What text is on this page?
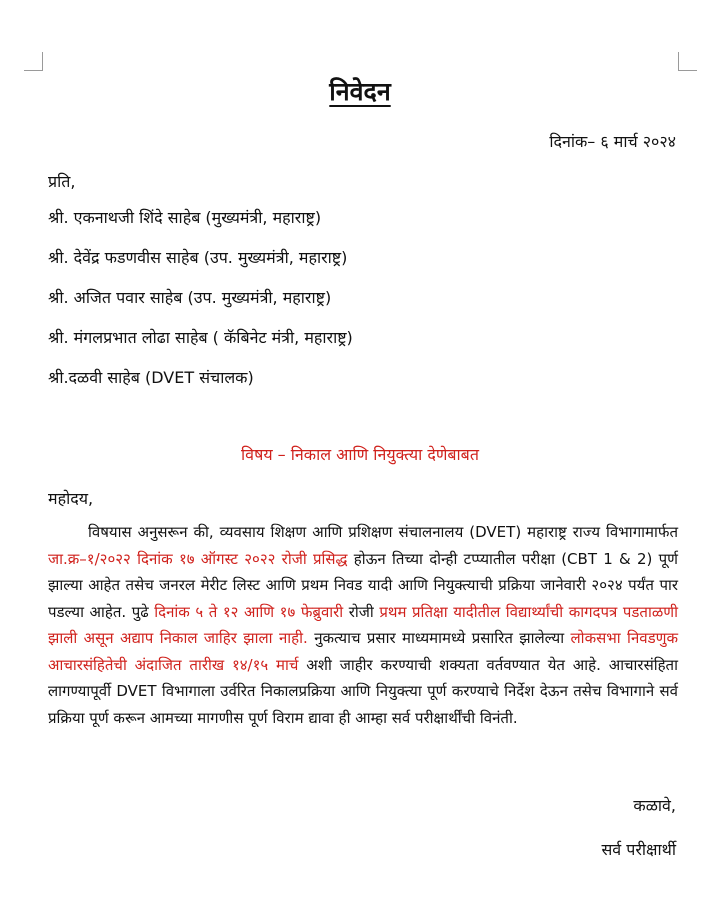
निवेदन
दिनांक– ६ मार्च २०२४
प्रति,
श्री. एकनाथजी शिंदे साहेब (मुख्यमंत्री, महाराष्ट्र)
श्री. देवेंद्र फडणवीस साहेब (उप. मुख्यमंत्री, महाराष्ट्र)
श्री. अजित पवार साहेब (उप. मुख्यमंत्री, महाराष्ट्र)
श्री. मंगलप्रभात लोढा साहेब ( कॅबिनेट मंत्री, महाराष्ट्र)
श्री.दळवी साहेब (DVET संचालक)
विषय – निकाल आणि नियुक्त्या देणेबाबत
महोदय,

विषयास अनुसरून की, व्यवसाय शिक्षण आणि प्रशिक्षण संचालनालय (DVET) महाराष्ट्र राज्य विभागामार्फत जा.क्र–१/२०२२ दिनांक १७ ऑगस्ट २०२२ रोजी प्रसिद्ध होऊन तिच्या दोन्ही टप्प्यातील परीक्षा (CBT 1 & 2) पूर्ण झाल्या आहेत तसेच जनरल मेरीट लिस्ट आणि प्रथम निवड यादी आणि नियुक्त्याची प्रक्रिया जानेवारी २०२४ पर्यंत पार पडल्या आहेत. पुढे दिनांक ५ ते १२ आणि १७ फेब्रुवारी रोजी प्रथम प्रतिक्षा यादीतील विद्यार्थ्यांची कागदपत्र पडताळणी झाली असून अद्याप निकाल जाहिर झाला नाही. नुकत्याच प्रसार माध्यमामध्ये प्रसारित झालेल्या लोकसभा निवडणुक आचारसंहितेची अंदाजित तारीख १४/१५ मार्च अशी जाहीर करण्याची शक्यता वर्तवण्यात येत आहे. आचारसंहिता लागण्यापूर्वी DVET विभागाला उर्वरित निकालप्रक्रिया आणि नियुक्त्या पूर्ण करण्याचे निर्देश देऊन तसेच विभागाने सर्व प्रक्रिया पूर्ण करून आमच्या मागणीस पूर्ण विराम द्यावा ही आम्हा सर्व परीक्षार्थींची विनंती.

कळावे,
सर्व परीक्षार्थी
